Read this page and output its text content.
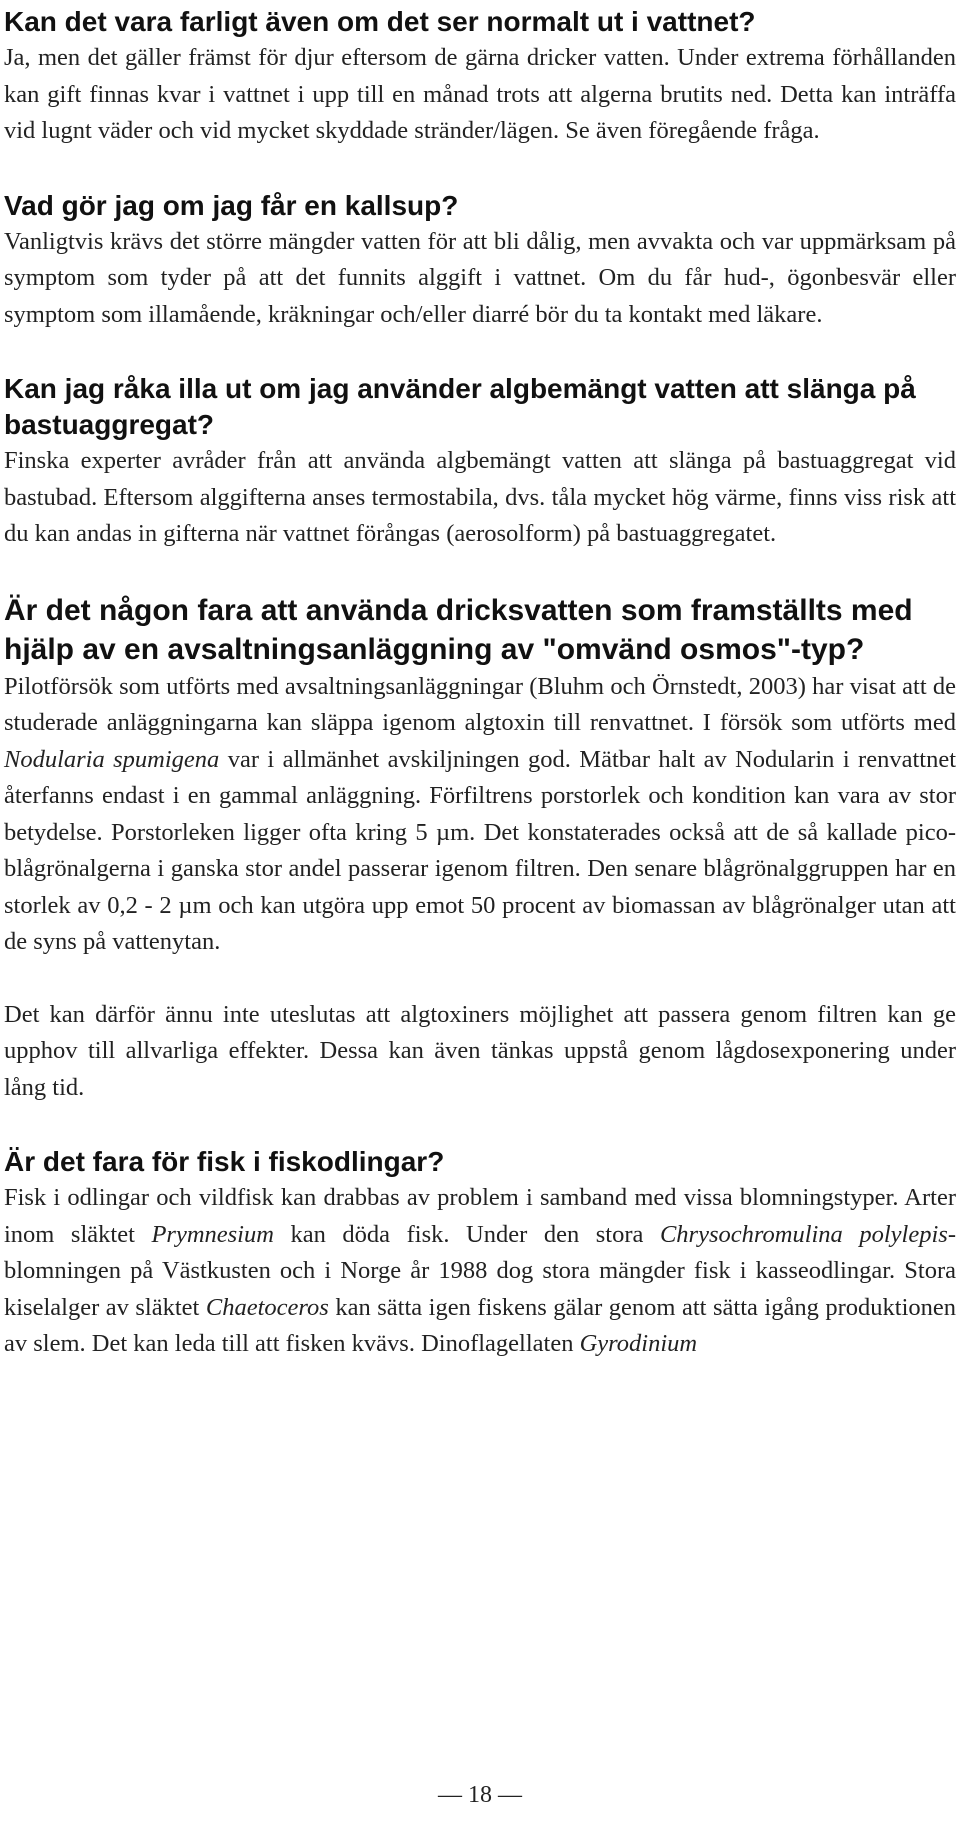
Kan det vara farligt även om det ser normalt ut i vattnet?

Ja, men det gäller främst för djur eftersom de gärna dricker vatten. Under extrema förhållanden kan gift finnas kvar i vattnet i upp till en månad trots att algerna brutits ned. Detta kan inträffa vid lugnt väder och vid mycket skyddade stränder/lägen. Se även föregående fråga.

Vad gör jag om jag får en kallsup?

Vanligtvis krävs det större mängder vatten för att bli dålig, men avvakta och var uppmärksam på symptom som tyder på att det funnits alggift i vattnet. Om du får hud-, ögonbesvär eller symptom som illamående, kräkningar och/eller diarré bör du ta kontakt med läkare.

Kan jag råka illa ut om jag använder algbemängt vatten att slänga på bastuaggregat?

Finska experter avråder från att använda algbemängt vatten att slänga på bastuaggregat vid bastubad. Eftersom alggifterna anses termostabila, dvs. tåla mycket hög värme, finns viss risk att du kan andas in gifterna när vattnet förångas (aerosolform) på bastuaggregatet.

Är det någon fara att använda dricksvatten som framställts med hjälp av en avsaltningsanläggning av "omvänd osmos"-typ?

Pilotförsök som utförts med avsaltningsanläggningar (Bluhm och Örnstedt, 2003) har visat att de studerade anläggningarna kan släppa igenom algtoxin till renvattnet. I försök som utförts med Nodularia spumigena var i allmänhet avskiljningen god. Mätbar halt av Nodularin i renvattnet återfanns endast i en gammal anläggning. Förfiltrens porstorlek och kondition kan vara av stor betydelse. Porstorleken ligger ofta kring 5 µm. Det konstaterades också att de så kallade pico-blågrönalgerna i ganska stor andel passerar igenom filtren. Den senare blågrönalggruppen har en storlek av 0,2 - 2 µm och kan utgöra upp emot 50 procent av biomassan av blågrönalger utan att de syns på vattenytan.

Det kan därför ännu inte uteslutas att algtoxiners möjlighet att passera genom filtren kan ge upphov till allvarliga effekter. Dessa kan även tänkas uppstå genom lågdosexponering under lång tid.

Är det fara för fisk i fiskodlingar?

Fisk i odlingar och vildfisk kan drabbas av problem i samband med vissa blomningstyper. Arter inom släktet Prymnesium kan döda fisk. Under den stora Chrysochromulina polylepis-blomningen på Västkusten och i Norge år 1988 dog stora mängder fisk i kasseodlingar. Stora kiselalger av släktet Chaetoceros kan sätta igen fiskens gälar genom att sätta igång produktionen av slem. Det kan leda till att fisken kvävs. Dinoflagellaten Gyrodinium

— 18 —
